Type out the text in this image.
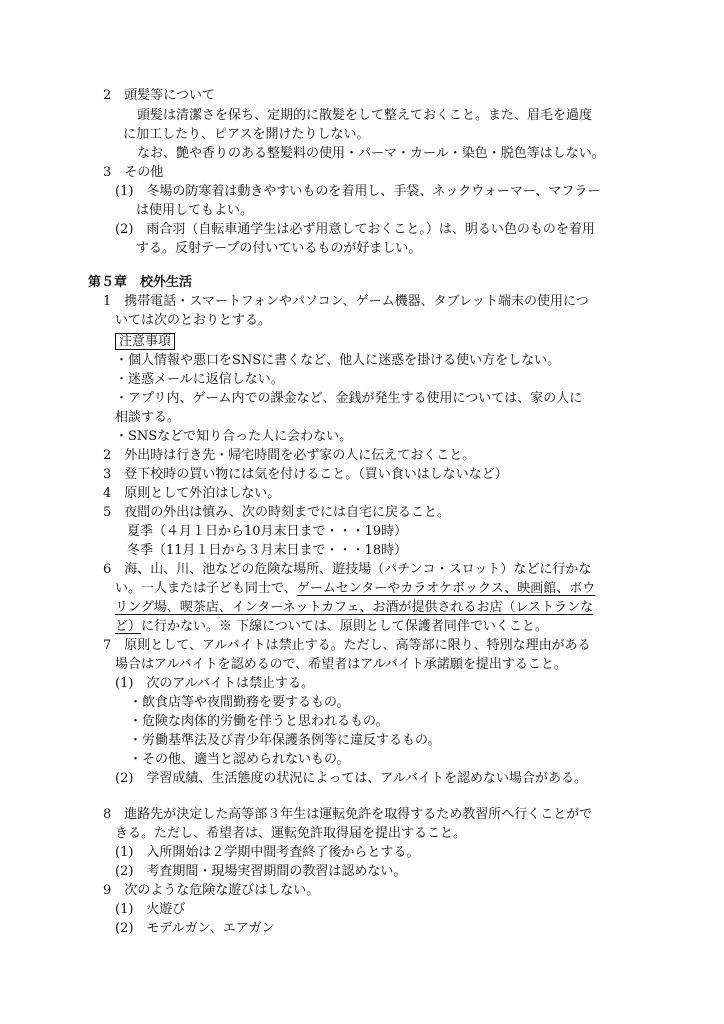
2　頭髪等について
頭髪は清潔さを保ち、定期的に散髪をして整えておくこと。また、眉毛を過度
に加工したり、ピアスを開けたりしない。
なお、艶や香りのある整髪料の使用・パーマ・カール・染色・脱色等はしない。
3　その他
(1)　冬場の防寒着は動きやすいものを着用し、手袋、ネックウォーマー、マフラー
は使用してもよい。
(2)　雨合羽（自転車通学生は必ず用意しておくこと。）は、明るい色のものを着用
する。反射テープの付いているものが好ましい。
第５章　校外生活
1　携帯電話・スマートフォンやパソコン、ゲーム機器、タブレット端末の使用につ
いては次のとおりとする。
注意事項
・個人情報や悪口をSNSに書くなど、他人に迷惑を掛ける使い方をしない。
・迷惑メールに返信しない。
・アプリ内、ゲーム内での課金など、金銭が発生する使用については、家の人に
相談する。
・SNSなどで知り合った人に会わない。
2　外出時は行き先・帰宅時間を必ず家の人に伝えておくこと。
3　登下校時の買い物には気を付けること。（買い食いはしないなど）
4　原則として外泊はしない。
5　夜間の外出は慎み、次の時刻までには自宅に戻ること。
夏季（４月１日から10月末日まで・・・19時）
冬季（11月１日から３月末日まで・・・18時）
6　海、山、川、池などの危険な場所、遊技場（パチンコ・スロット）などに行かな
い。一人または子ども同士で、ゲームセンターやカラオケボックス、映画館、ボウ
リング場、喫茶店、インターネットカフェ、お酒が提供されるお店（レストランな
ど）に行かない。※ 下線については、原則として保護者同伴でいくこと。
7　原則として、アルバイトは禁止する。ただし、高等部に限り、特別な理由がある
場合はアルバイトを認めるので、希望者はアルバイト承諾願を提出すること。
(1)　次のアルバイトは禁止する。
・飲食店等や夜間勤務を要するもの。
・危険な肉体的労働を伴うと思われるもの。
・労働基準法及び青少年保護条例等に違反するもの。
・その他、適当と認められないもの。
(2)　学習成績、生活態度の状況によっては、アルバイトを認めない場合がある。
8　進路先が決定した高等部３年生は運転免許を取得するため教習所へ行くことがで
きる。ただし、希望者は、運転免許取得届を提出すること。
(1)　入所開始は２学期中間考査終了後からとする。
(2)　考査期間・現場実習期間の教習は認めない。
9　次のような危険な遊びはしない。
(1)　火遊び
(2)　モデルガン、エアガン
